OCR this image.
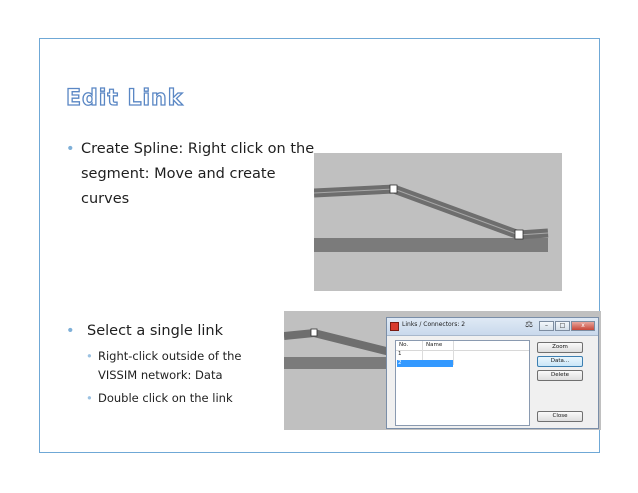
Edit Link
• Create Spline: Right click on the segment: Move and create curves
• Select a single link
• Right-click outside of the VISSIM network: Data
• Double click on the link
Links / Connectors: 2	⚖	–	□	x
No.	Name
1
2
Zoom
Data...
Delete
Close
